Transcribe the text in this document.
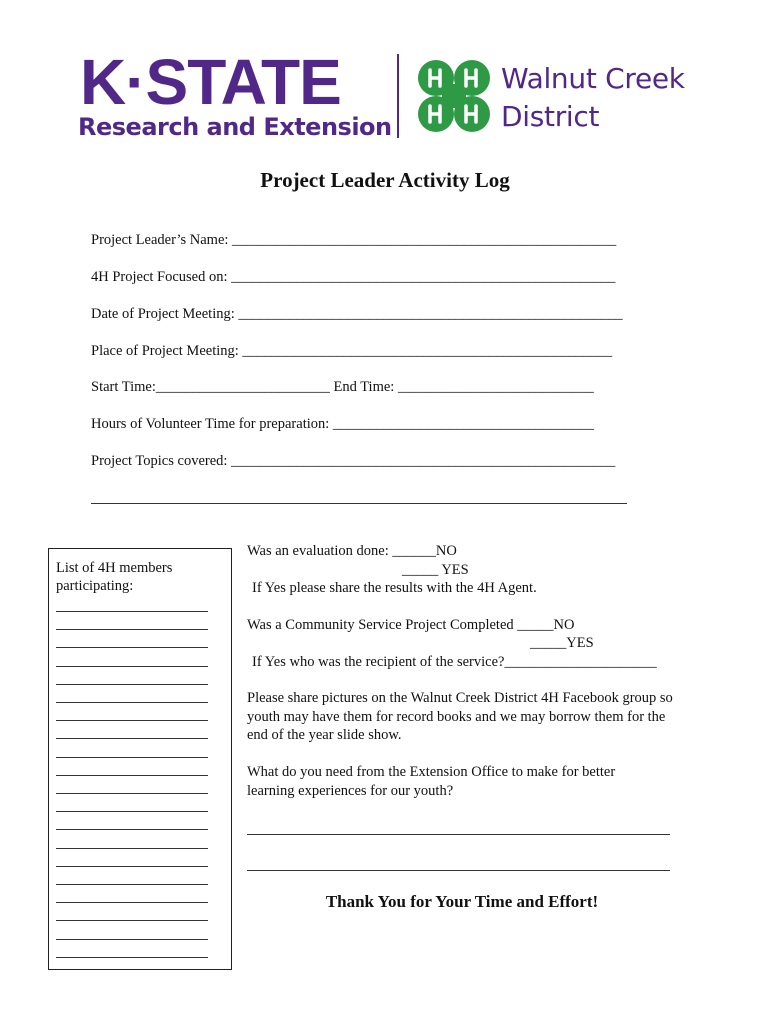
K·STATE
Research and Extension
Walnut Creek
District
Project Leader Activity Log
Project Leader’s Name: _____________________________________________________
4H Project Focused on: _____________________________________________________
Date of Project Meeting: _____________________________________________________
Place of Project Meeting: ___________________________________________________
Start Time:________________________ End Time: ___________________________
Hours of Volunteer Time for preparation: ____________________________________
Project Topics covered: _____________________________________________________
List of 4H members participating:
Was an evaluation done: ______NO
_____ YES
If Yes please share the results with the 4H Agent.
Was a Community Service Project Completed _____NO
_____YES
If Yes who was the recipient of the service?_____________________
Please share pictures on the Walnut Creek District 4H Facebook group so youth may have them for record books and we may borrow them for the end of the year slide show.
What do you need from the Extension Office to make for better learning experiences for our youth?
Thank You for Your Time and Effort!
